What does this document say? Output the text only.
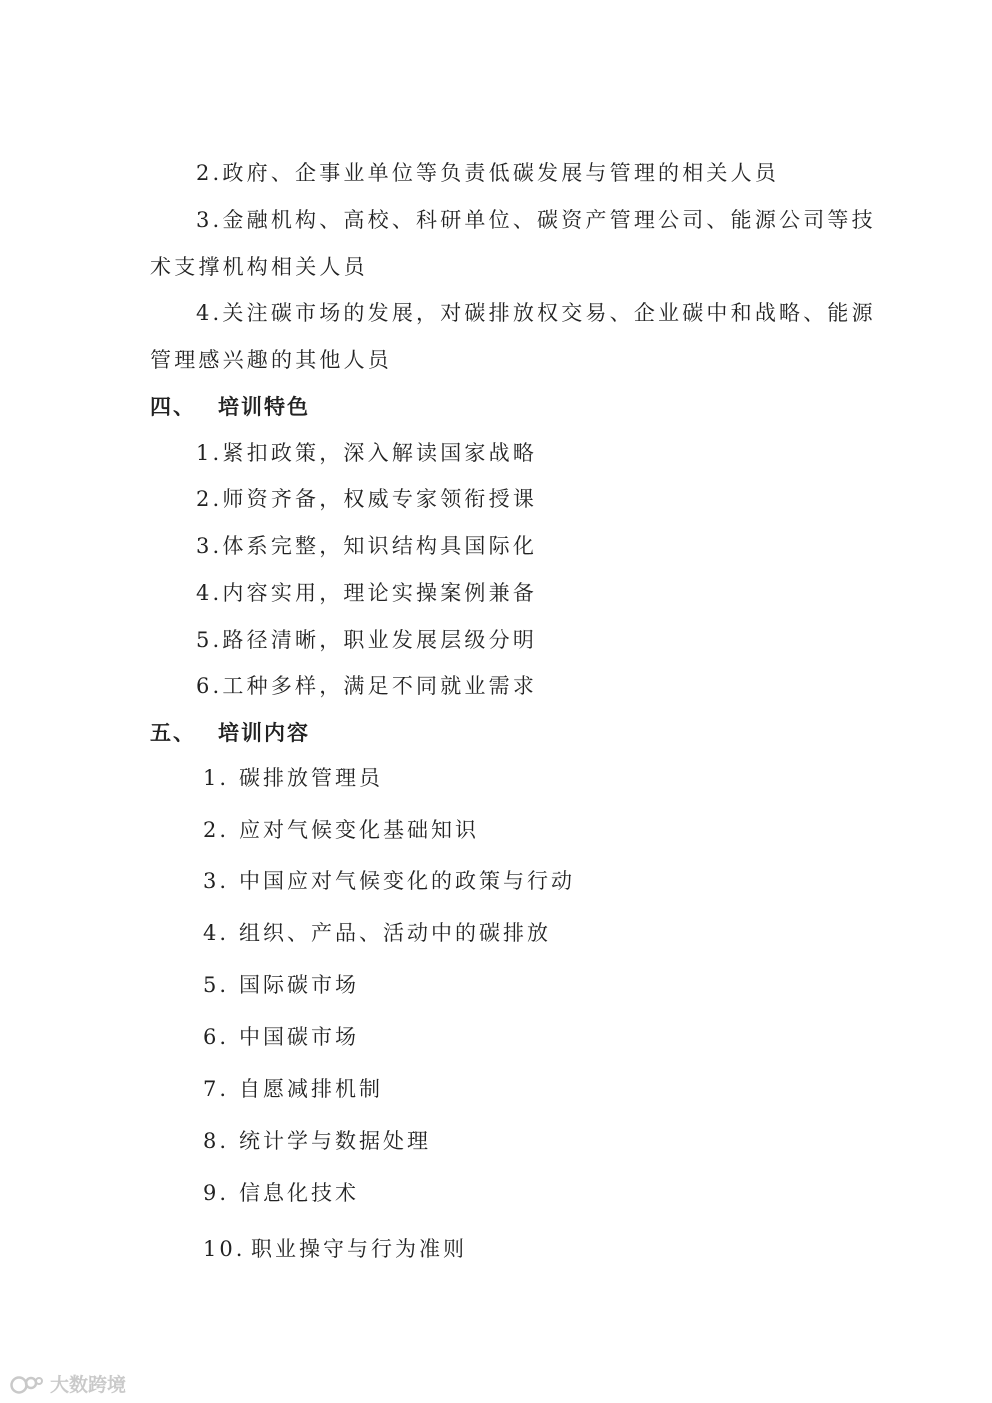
2.政府、企事业单位等负责低碳发展与管理的相关人员
3.金融机构、高校、科研单位、碳资产管理公司、能源公司等技
术支撑机构相关人员
4.关注碳市场的发展，对碳排放权交易、企业碳中和战略、能源
管理感兴趣的其他人员
四、 培训特色
1.紧扣政策，深入解读国家战略
2.师资齐备，权威专家领衔授课
3.体系完整，知识结构具国际化
4.内容实用，理论实操案例兼备
5.路径清晰，职业发展层级分明
6.工种多样，满足不同就业需求
五、 培训内容
1. 碳排放管理员
2. 应对气候变化基础知识
3. 中国应对气候变化的政策与行动
4. 组织、产品、活动中的碳排放
5. 国际碳市场
6. 中国碳市场
7. 自愿减排机制
8. 统计学与数据处理
9. 信息化技术
10. 职业操守与行为准则
大数跨境
